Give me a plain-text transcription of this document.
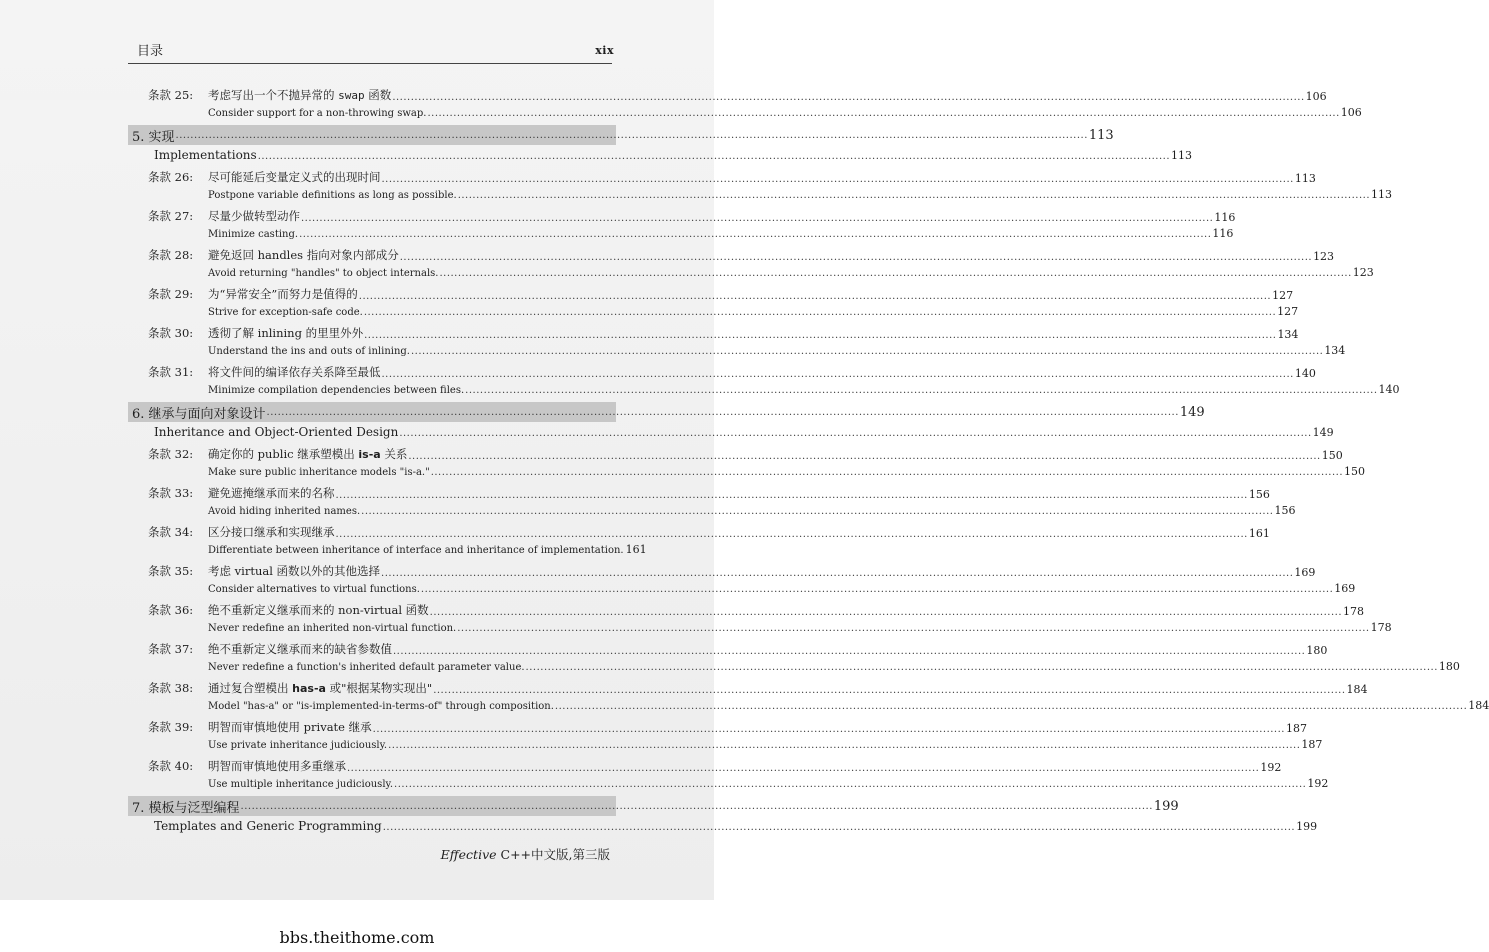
目录	xix
条款 25:	考虑写出一个不抛异常的 swap 函数 .....	106
Consider support for a non-throwing swap. .....	106
5. 实现 .....	113
Implementations .....	113
条款 26:	尽可能延后变量定义式的出现时间 .....	113
Postpone variable definitions as long as possible. .....	113
条款 27:	尽量少做转型动作 .....	116
Minimize casting. .....	116
条款 28:	避免返回 handles 指向对象内部成分 .....	123
Avoid returning "handles" to object internals. .....	123
条款 29:	为“异常安全”而努力是值得的 .....	127
Strive for exception-safe code. .....	127
条款 30:	透彻了解 inlining 的里里外外 .....	134
Understand the ins and outs of inlining. .....	134
条款 31:	将文件间的编译依存关系降至最低 .....	140
Minimize compilation dependencies between files. .....	140
6. 继承与面向对象设计 .....	149
Inheritance and Object-Oriented Design .....	149
条款 32:	确定你的 public 继承塑模出 is-a 关系 .....	150
Make sure public inheritance models "is-a." .....	150
条款 33:	避免遮掩继承而来的名称 .....	156
Avoid hiding inherited names. .....	156
条款 34:	区分接口继承和实现继承 .....	161
Differentiate between inheritance of interface and inheritance of implementation. 161
条款 35:	考虑 virtual 函数以外的其他选择 .....	169
Consider alternatives to virtual functions. .....	169
条款 36:	绝不重新定义继承而来的 non-virtual 函数 .....	178
Never redefine an inherited non-virtual function. .....	178
条款 37:	绝不重新定义继承而来的缺省参数值 .....	180
Never redefine a function's inherited default parameter value. .....	180
条款 38:	通过复合塑模出 has-a 或"根据某物实现出" .....	184
Model "has-a" or "is-implemented-in-terms-of" through composition. .....	184
条款 39:	明智而审慎地使用 private 继承 .....	187
Use private inheritance judiciously. .....	187
条款 40:	明智而审慎地使用多重继承 .....	192
Use multiple inheritance judiciously. .....	192
7. 模板与泛型编程 .....	199
Templates and Generic Programming .....	199
Effective C++中文版,第三版
bbs.theithome.com
